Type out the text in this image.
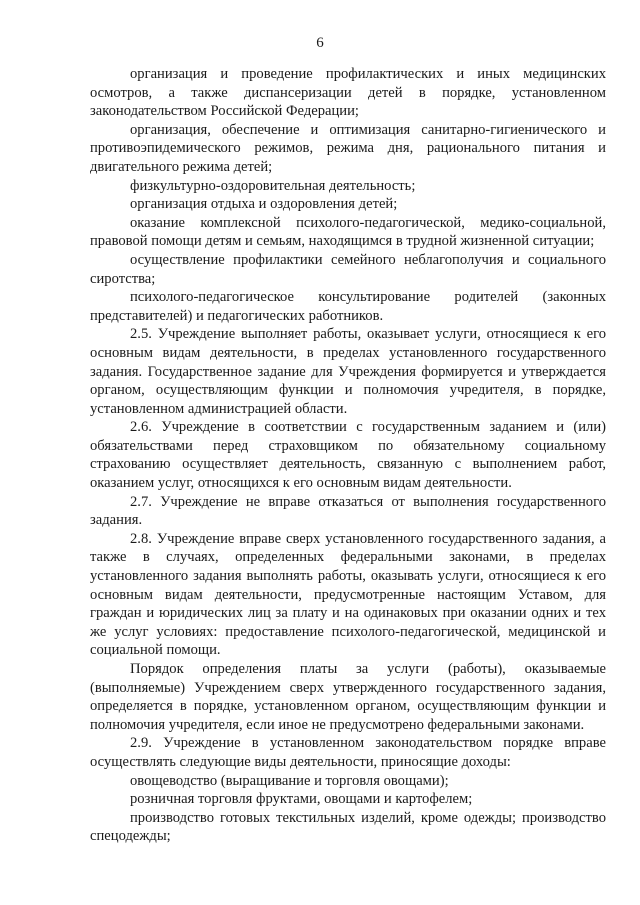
6

организация и проведение профилактических и иных медицинских осмотров, а также диспансеризации детей в порядке, установленном законодательством Российской Федерации;

организация, обеспечение и оптимизация санитарно-гигиенического и противоэпидемического режимов, режима дня, рационального питания и двигательного режима детей;

физкультурно-оздоровительная деятельность;

организация отдыха и оздоровления детей;

оказание комплексной психолого-педагогической, медико-социальной, правовой помощи детям и семьям, находящимся в трудной жизненной ситуации;

осуществление профилактики семейного неблагополучия и социального сиротства;

психолого-педагогическое консультирование родителей (законных представителей) и педагогических работников.

2.5. Учреждение выполняет работы, оказывает услуги, относящиеся к его основным видам деятельности, в пределах установленного государственного задания. Государственное задание для Учреждения формируется и утверждается органом, осуществляющим функции и полномочия учредителя, в порядке, установленном администрацией области.

2.6. Учреждение в соответствии с государственным заданием и (или) обязательствами перед страховщиком по обязательному социальному страхованию осуществляет деятельность, связанную с выполнением работ, оказанием услуг, относящихся к его основным видам деятельности.

2.7. Учреждение не вправе отказаться от выполнения государственного задания.

2.8. Учреждение вправе сверх установленного государственного задания, а также в случаях, определенных федеральными законами, в пределах установленного задания выполнять работы, оказывать услуги, относящиеся к его основным видам деятельности, предусмотренные настоящим Уставом, для граждан и юридических лиц за плату и на одинаковых при оказании одних и тех же услуг условиях: предоставление психолого-педагогической, медицинской и социальной помощи.

Порядок определения платы за услуги (работы), оказываемые (выполняемые) Учреждением сверх утвержденного государственного задания, определяется в порядке, установленном органом, осуществляющим функции и полномочия учредителя, если иное не предусмотрено федеральными законами.

2.9. Учреждение в установленном законодательством порядке вправе осуществлять следующие виды деятельности, приносящие доходы:

овощеводство (выращивание и торговля овощами);

розничная торговля фруктами, овощами и картофелем;

производство готовых текстильных изделий, кроме одежды; производство спецодежды;
